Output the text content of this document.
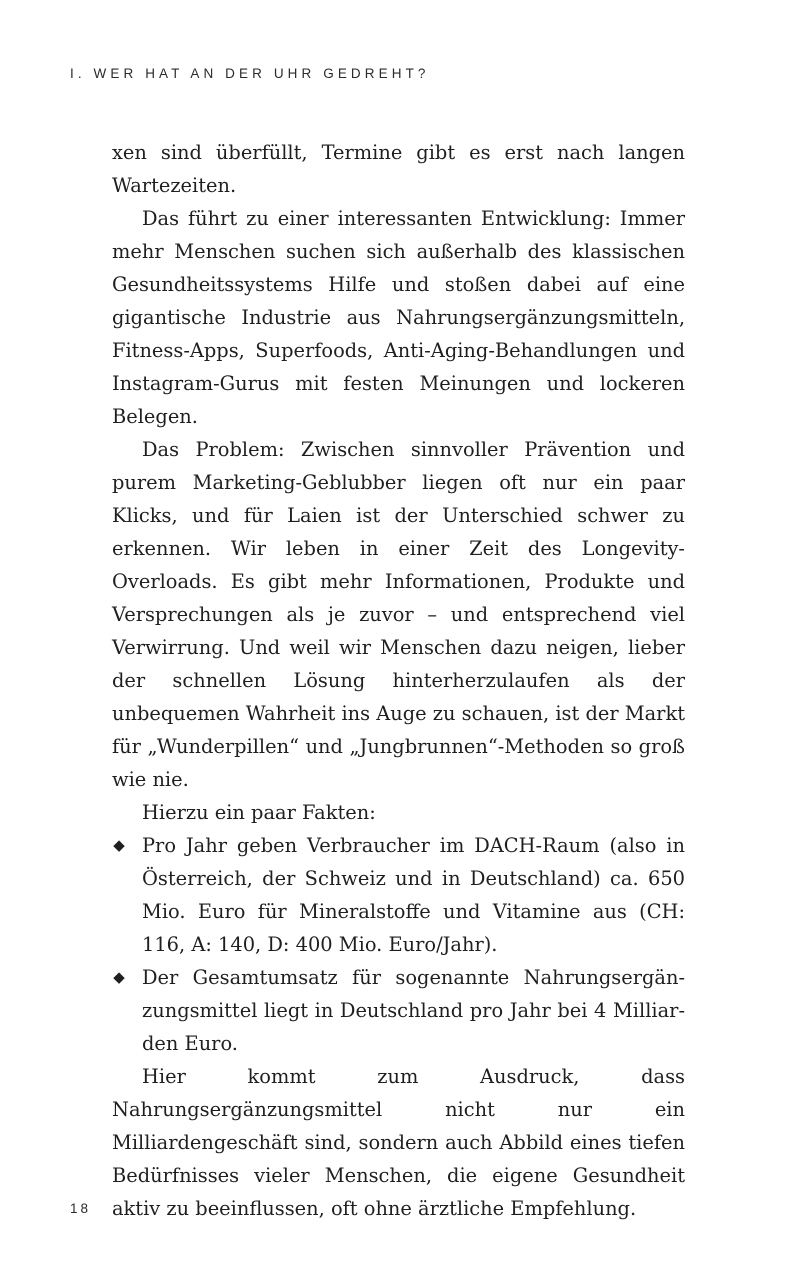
I. WER HAT AN DER UHR GEDREHT?

xen sind überfüllt, Termine gibt es erst nach langen Wartezeiten.

Das führt zu einer interessanten Entwicklung: Immer mehr Menschen suchen sich außerhalb des klassischen Gesundheitssystems Hilfe und stoßen dabei auf eine gigantische Industrie aus Nahrungsergänzungsmitteln, Fitness-Apps, Superfoods, Anti-Aging-Behandlungen und Instagram-Gurus mit festen Meinungen und lockeren Belegen.

Das Problem: Zwischen sinnvoller Prävention und purem Marketing-Geblubber liegen oft nur ein paar Klicks, und für Laien ist der Unterschied schwer zu erkennen. Wir leben in einer Zeit des Longevity-Overloads. Es gibt mehr Informationen, Produkte und Versprechungen als je zuvor – und entsprechend viel Verwirrung. Und weil wir Menschen dazu neigen, lieber der schnellen Lösung hinterherzulaufen als der unbequemen Wahrheit ins Auge zu schauen, ist der Markt für „Wunderpillen“ und „Jungbrunnen“-Methoden so groß wie nie.

Hierzu ein paar Fakten:

◆ Pro Jahr geben Verbraucher im DACH-Raum (also in Österreich, der Schweiz und in Deutschland) ca. 650 Mio. Euro für Mineralstoffe und Vitamine aus (CH: 116, A: 140, D: 400 Mio. Euro/Jahr).
◆ Der Gesamtumsatz für sogenannte Nahrungsergänzungsmittel liegt in Deutschland pro Jahr bei 4 Milliarden Euro.

Hier kommt zum Ausdruck, dass Nahrungsergänzungsmittel nicht nur ein Milliardengeschäft sind, sondern auch Abbild eines tiefen Bedürfnisses vieler Menschen, die eigene Gesundheit aktiv zu beeinflussen, oft ohne ärztliche Empfehlung.

18
